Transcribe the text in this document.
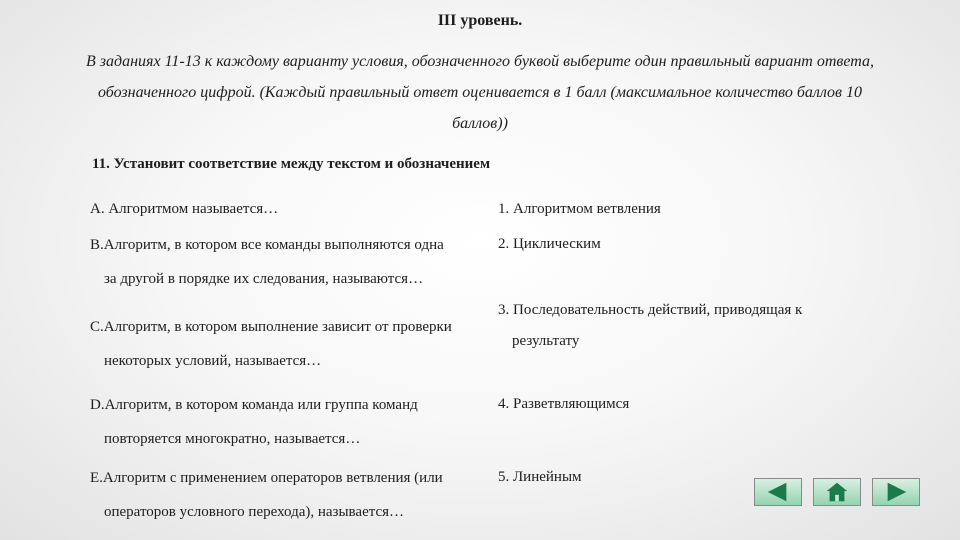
III уровень.
В заданиях 11-13 к каждому варианту условия, обозначенного буквой выберите один правильный вариант ответа,
обозначенного цифрой. (Каждый правильный ответ оценивается в 1 балл (максимальное количество баллов 10
баллов))
11. Установит соответствие между текстом и обозначением
А. Алгоритмом называется…
В.Алгоритм, в котором все команды выполняются одна
за другой в порядке их следования, называются…
С.Алгоритм, в котором выполнение зависит от проверки
некоторых условий, называется…
D.Алгоритм, в котором команда или группа команд
повторяется многократно, называется…
Е.Алгоритм с применением операторов ветвления (или
операторов условного перехода), называется…
1. Алгоритмом ветвления
2. Циклическим
3. Последовательность действий, приводящая к
результату
4. Разветвляющимся
5. Линейным
